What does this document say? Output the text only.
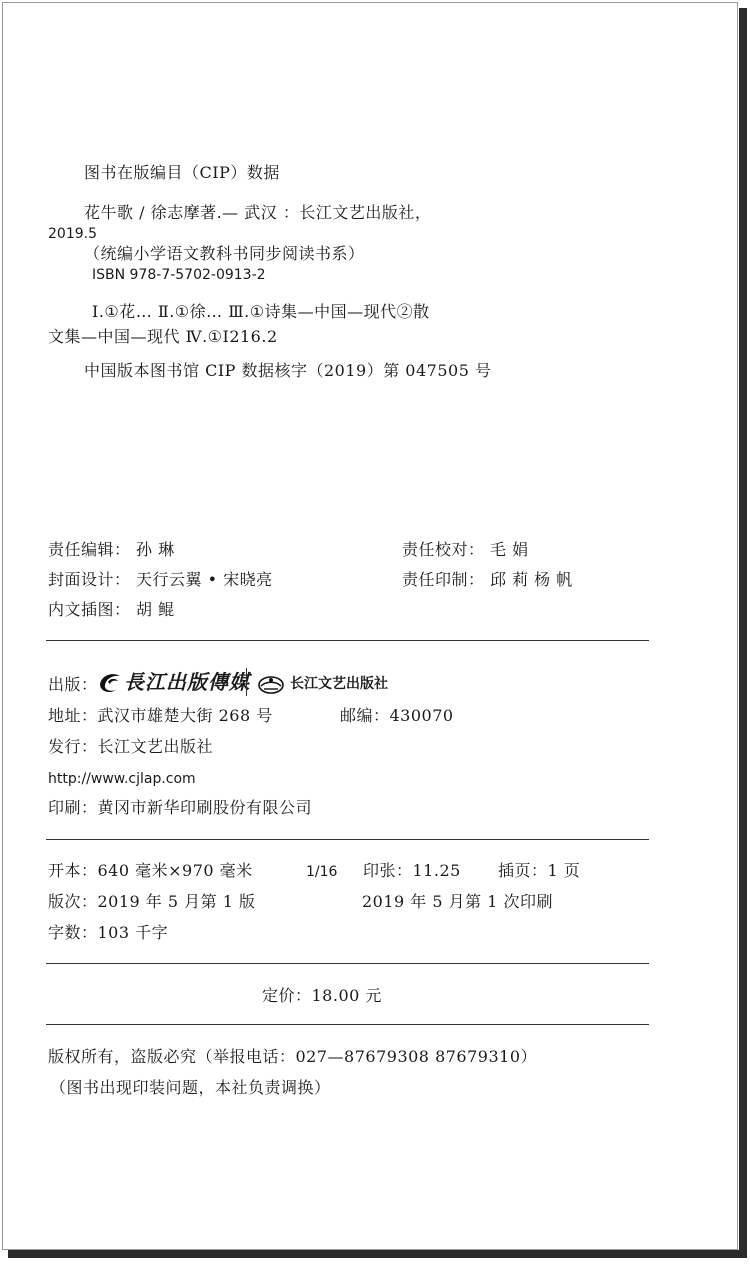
图书在版编目（CIP）数据
花牛歌 / 徐志摩著.— 武汉 ：长江文艺出版社，
2019.5
（统编小学语文教科书同步阅读书系）
ISBN 978-7-5702-0913-2
Ⅰ.①花… Ⅱ.①徐… Ⅲ.①诗集—中国—现代②散
文集—中国—现代 Ⅳ.①I216.2
中国版本图书馆 CIP 数据核字（2019）第 047505 号
责任编辑： 孙 琳	责任校对： 毛 娟
封面设计： 天行云翼 • 宋晓亮	责任印制： 邱 莉 杨 帆
内文插图： 胡 鲲
出版： 長江出版傳媒	长江文艺出版社
地址：武汉市雄楚大街 268 号	邮编：430070
发行：长江文艺出版社
http://www.cjlap.com
印刷：黄冈市新华印刷股份有限公司
开本：640 毫米×970 毫米	1/16 印张：11.25 插页：1 页
版次：2019 年 5 月第 1 版	2019 年 5 月第 1 次印刷
字数：103 千字
定价：18.00 元
版权所有，盗版必究（举报电话：027—87679308 87679310）
（图书出现印装问题，本社负责调换）
